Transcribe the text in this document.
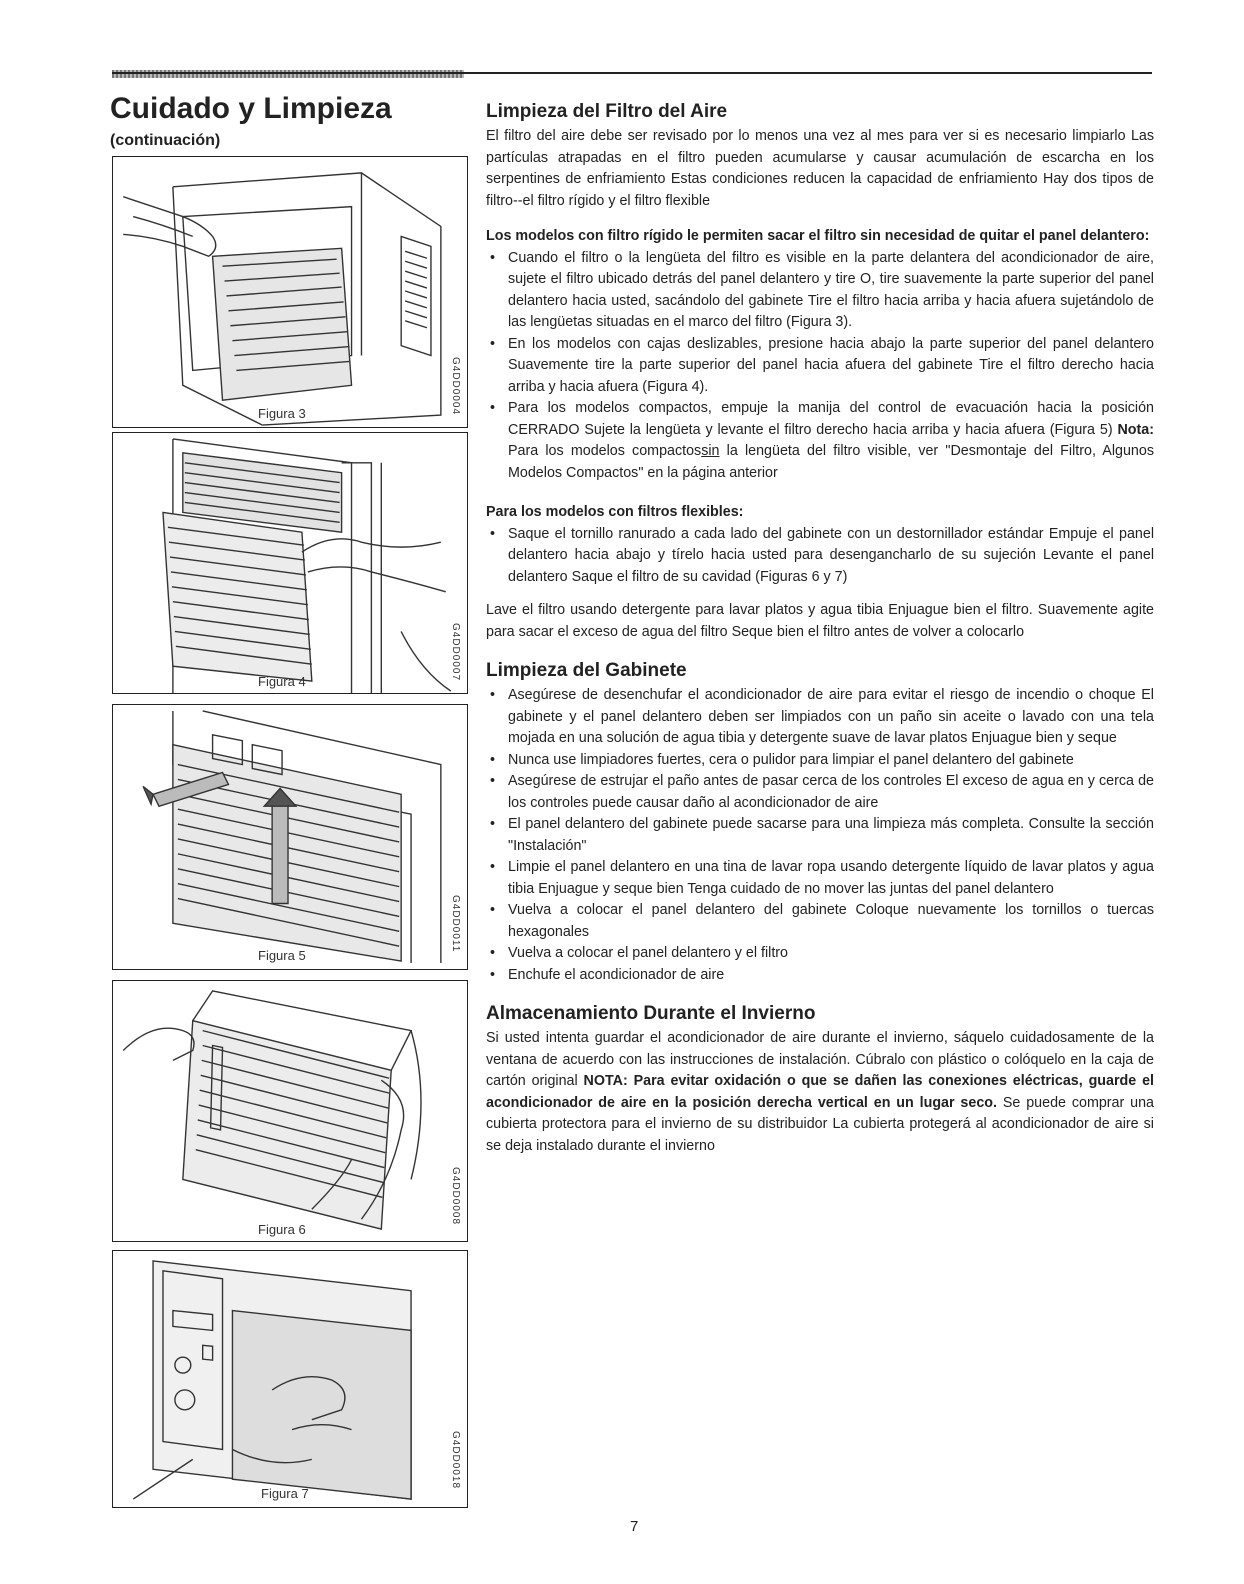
Cuidado y Limpieza
(continuación)
Figura 3	G4DD0004
Figura 4
G4DD0007
Figura 5
G4DD0011
Figura 6
G4DD0008
Figura 7
G4DD0018
Limpieza del Filtro del Aire

El filtro del aire debe ser revisado por lo menos una vez al mes para ver si es necesario limpiarlo Las partículas atrapadas en el filtro pueden acumularse y causar acumulación de escarcha en los serpentines de enfriamiento Estas condiciones reducen la capacidad de enfriamiento Hay dos tipos de filtro--el filtro rígido y el filtro flexible

Los modelos con filtro rígido le permiten sacar el filtro sin necesidad de quitar el panel delantero:

• Cuando el filtro o la lengüeta del filtro es visible en la parte delantera del acondicionador de aire, sujete el filtro ubicado detrás del panel delantero y tire O, tire suavemente la parte superior del panel delantero hacia usted, sacándolo del gabinete Tire el filtro hacia arriba y hacia afuera sujetándolo de las lengüetas situadas en el marco del filtro (Figura 3).
• En los modelos con cajas deslizables, presione hacia abajo la parte superior del panel delantero Suavemente tire la parte superior del panel hacia afuera del gabinete Tire el filtro derecho hacia arriba y hacia afuera (Figura 4).
• Para los modelos compactos, empuje la manija del control de evacuación hacia la posición CERRADO Sujete la lengüeta y levante el filtro derecho hacia arriba y hacia afuera (Figura 5) Nota: Para los modelos compactossin la lengüeta del filtro visible, ver "Desmontaje del Filtro, Algunos Modelos Compactos" en la página anterior

Para los modelos con filtros flexibles:

• Saque el tornillo ranurado a cada lado del gabinete con un destornillador estándar Empuje el panel delantero hacia abajo y tírelo hacia usted para desengancharlo de su sujeción Levante el panel delantero Saque el filtro de su cavidad (Figuras 6 y 7)

Lave el filtro usando detergente para lavar platos y agua tibia Enjuague bien el filtro. Suavemente agite para sacar el exceso de agua del filtro Seque bien el filtro antes de volver a colocarlo

Limpieza del Gabinete
• Asegúrese de desenchufar el acondicionador de aire para evitar el riesgo de incendio o choque El gabinete y el panel delantero deben ser limpiados con un paño sin aceite o lavado con una tela mojada en una solución de agua tibia y detergente suave de lavar platos Enjuague bien y seque
• Nunca use limpiadores fuertes, cera o pulidor para limpiar el panel delantero del gabinete
• Asegúrese de estrujar el paño antes de pasar cerca de los controles El exceso de agua en y cerca de los controles puede causar daño al acondicionador de aire
• El panel delantero del gabinete puede sacarse para una limpieza más completa. Consulte la sección "Instalación"
• Limpie el panel delantero en una tina de lavar ropa usando detergente líquido de lavar platos y agua tibia Enjuague y seque bien Tenga cuidado de no mover las juntas del panel delantero
• Vuelva a colocar el panel delantero del gabinete Coloque nuevamente los tornillos o tuercas hexagonales
• Vuelva a colocar el panel delantero y el filtro
• Enchufe el acondicionador de aire
Almacenamiento Durante el Invierno

Si usted intenta guardar el acondicionador de aire durante el invierno, sáquelo cuidadosamente de la ventana de acuerdo con las instrucciones de instalación. Cúbralo con plástico o colóquelo en la caja de cartón original NOTA: Para evitar oxidación o que se dañen las conexiones eléctricas, guarde el acondicionador de aire en la posición derecha vertical en un lugar seco. Se puede comprar una cubierta protectora para el invierno de su distribuidor La cubierta protegerá al acondicionador de aire si se deja instalado durante el invierno

7
